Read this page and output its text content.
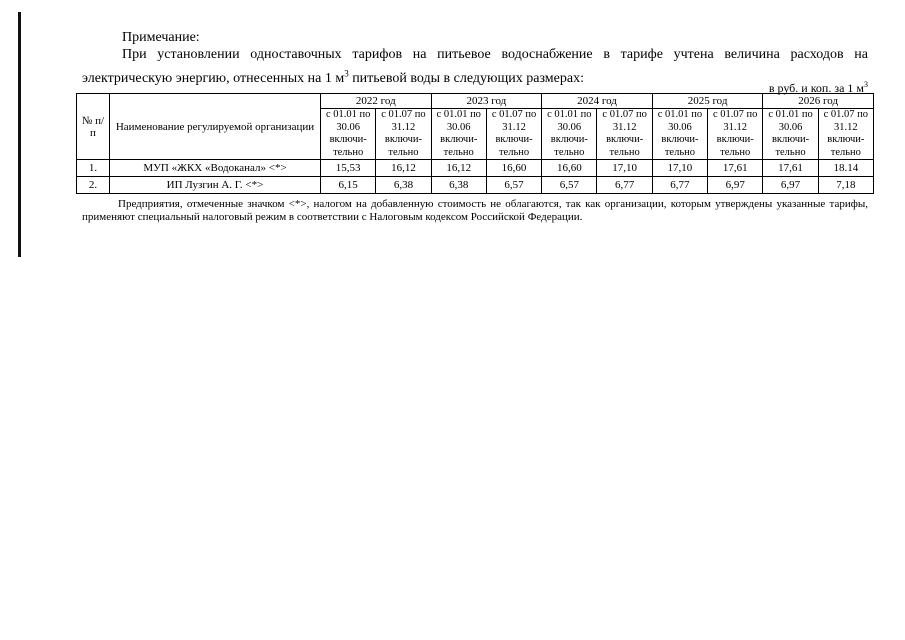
Примечание:
При установлении одноставочных тарифов на питьевое водоснабжение в тарифе учтена величина расходов на
электрическую энергию, отнесенных на 1 $м^3$ питьевой воды в следующих размерах:
в руб. и коп. за 1 $м^3$
№ п/п	Наименование регулируемой организации	2022 год		2023 год		2024 год		2025 год		2026 год	
		с 01.01 по 30.06 включи-тельно	с 01.07 по 31.12 включи-тельно	с 01.01 по 30.06 включи-тельно	с 01.07 по 31.12 включи-тельно	с 01.01 по 30.06 включи-тельно	с 01.07 по 31.12 включи-тельно	с 01.01 по 30.06 включи-тельно	с 01.07 по 31.12 включи-тельно	с 01.01 по 30.06 включи-тельно	с 01.07 по 31.12 включи-тельно
1.	МУП «ЖКХ «Водоканал» <*>	15,53	16,12	16,12	16,60	16,60	17,10	17,10	17,61	17,61	18.14
2.	ИП Лузгин А. Г. <*>	6,15	6,38	6,38	6,57	6,57	6,77	6,77	6,97	6,97	7,18
Предприятия, отмеченные значком <*>, налогом на добавленную стоимость не облагаются, так как организации, которым утверждены указанные тарифы, применяют специальный налоговый режим в соответствии с Налоговым кодексом Российской Федерации.
